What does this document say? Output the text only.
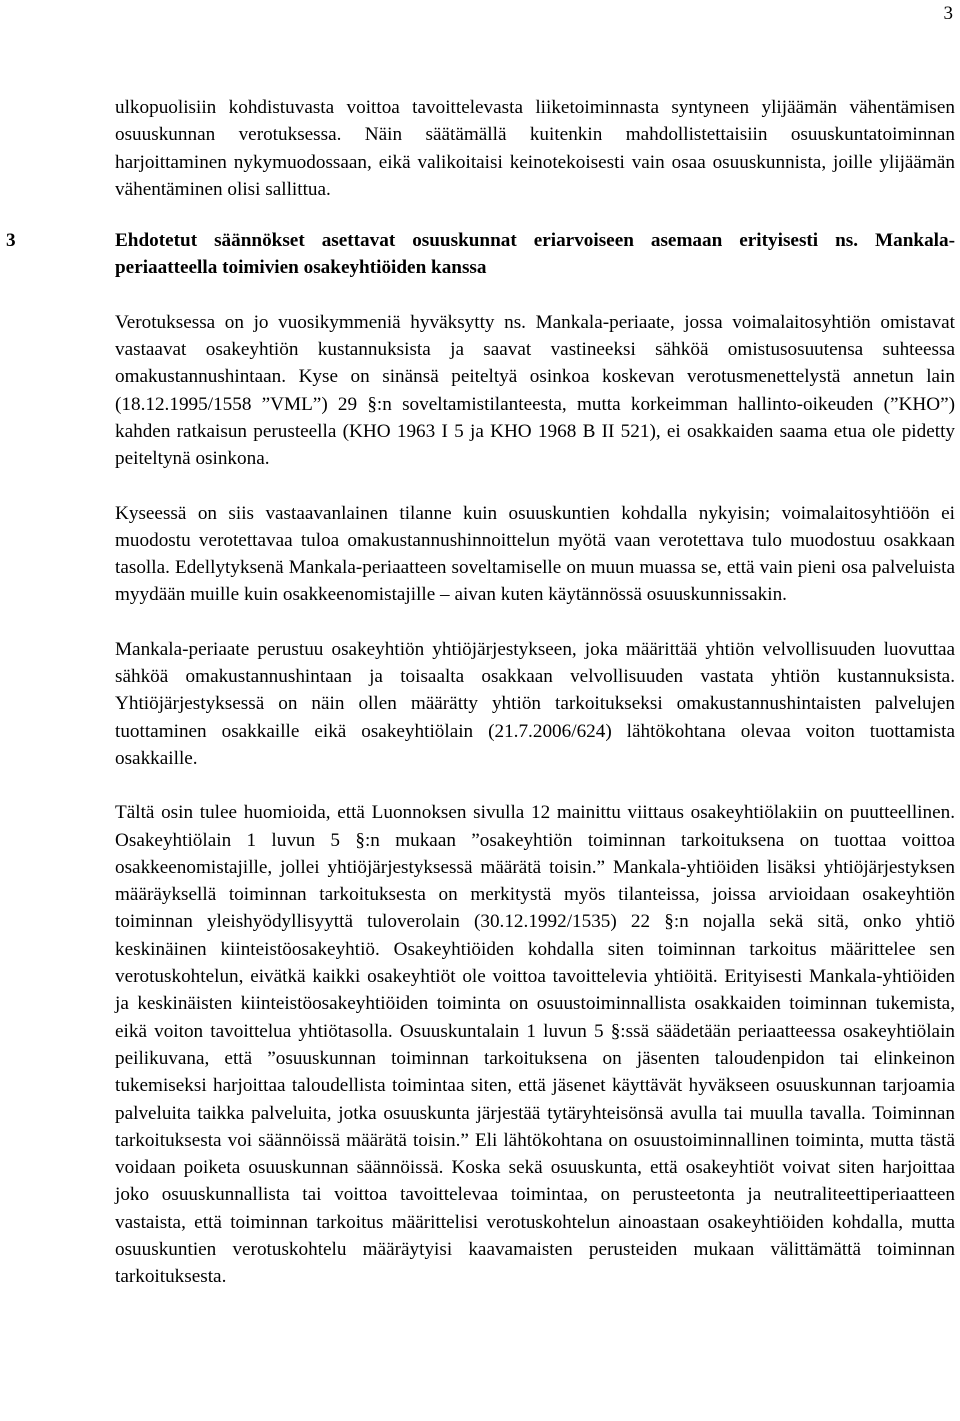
3

ulkopuolisiin kohdistuvasta voittoa tavoittelevasta liiketoiminnasta syntyneen ylijäämän vähentämisen osuuskunnan verotuksessa. Näin säätämällä kuitenkin mahdollistettaisiin osuuskuntatoiminnan harjoittaminen nykymuodossaan, eikä valikoitaisi keinotekoisesti vain osaa osuuskunnista, joille ylijäämän vähentäminen olisi sallittua.

3	Ehdotetut säännökset asettavat osuuskunnat eriarvoiseen asemaan erityisesti ns. Mankala-periaatteella toimivien osakeyhtiöiden kanssa

Verotuksessa on jo vuosikymmeniä hyväksytty ns. Mankala-periaate, jossa voimalaitosyhtiön omistavat vastaavat osakeyhtiön kustannuksista ja saavat vastineeksi sähköä omistusosuutensa suhteessa omakustannushintaan. Kyse on sinänsä peiteltyä osinkoa koskevan verotusmenettelystä annetun lain (18.12.1995/1558 ”VML”) 29 §:n soveltamistilanteesta, mutta korkeimman hallinto-oikeuden (”KHO”) kahden ratkaisun perusteella (KHO 1963 I 5 ja KHO 1968 B II 521), ei osakkaiden saama etua ole pidetty peiteltynä osinkona.

Kyseessä on siis vastaavanlainen tilanne kuin osuuskuntien kohdalla nykyisin; voimalaitosyhtiöön ei muodostu verotettavaa tuloa omakustannushinnoittelun myötä vaan verotettava tulo muodostuu osakkaan tasolla. Edellytyksenä Mankala-periaatteen soveltamiselle on muun muassa se, että vain pieni osa palveluista myydään muille kuin osakkeenomistajille – aivan kuten käytännössä osuuskunnissakin.

Mankala-periaate perustuu osakeyhtiön yhtiöjärjestykseen, joka määrittää yhtiön velvollisuuden luovuttaa sähköä omakustannushintaan ja toisaalta osakkaan velvollisuuden vastata yhtiön kustannuksista. Yhtiöjärjestyksessä on näin ollen määrätty yhtiön tarkoitukseksi omakustannushintaisten palvelujen tuottaminen osakkaille eikä osakeyhtiölain (21.7.2006/624) lähtökohtana olevaa voiton tuottamista osakkaille.

Tältä osin tulee huomioida, että Luonnoksen sivulla 12 mainittu viittaus osakeyhtiölakiin on puutteellinen. Osakeyhtiölain 1 luvun 5 §:n mukaan ”osakeyhtiön toiminnan tarkoituksena on tuottaa voittoa osakkeenomistajille, jollei yhtiöjärjestyksessä määrätä toisin.” Mankala-yhtiöiden lisäksi yhtiöjärjestyksen määräyksellä toiminnan tarkoituksesta on merkitystä myös tilanteissa, joissa arvioidaan osakeyhtiön toiminnan yleishyödyllisyyttä tuloverolain (30.12.1992/1535) 22 §:n nojalla sekä sitä, onko yhtiö keskinäinen kiinteistöosakeyhtiö. Osakeyhtiöiden kohdalla siten toiminnan tarkoitus määrittelee sen verotuskohtelun, eivätkä kaikki osakeyhtiöt ole voittoa tavoittelevia yhtiöitä. Erityisesti Mankala-yhtiöiden ja keskinäisten kiinteistöosakeyhtiöiden toiminta on osuustoiminnallista osakkaiden toiminnan tukemista, eikä voiton tavoittelua yhtiötasolla. Osuuskuntalain 1 luvun 5 §:ssä säädetään periaatteessa osakeyhtiölain peilikuvana, että ”osuuskunnan toiminnan tarkoituksena on jäsenten taloudenpidon tai elinkeinon tukemiseksi harjoittaa taloudellista toimintaa siten, että jäsenet käyttävät hyväkseen osuuskunnan tarjoamia palveluita taikka palveluita, jotka osuuskunta järjestää tytäryhteisönsä avulla tai muulla tavalla. Toiminnan tarkoituksesta voi säännöissä määrätä toisin.” Eli lähtökohtana on osuustoiminnallinen toiminta, mutta tästä voidaan poiketa osuuskunnan säännöissä. Koska sekä osuuskunta, että osakeyhtiöt voivat siten harjoittaa joko osuuskunnallista tai voittoa tavoittelevaa toimintaa, on perusteetonta ja neutraliteettiperiaatteen vastaista, että toiminnan tarkoitus määrittelisi verotuskohtelun ainoastaan osakeyhtiöiden kohdalla, mutta osuuskuntien verotuskohtelu määräytyisi kaavamaisten perusteiden mukaan välittämättä toiminnan tarkoituksesta.
